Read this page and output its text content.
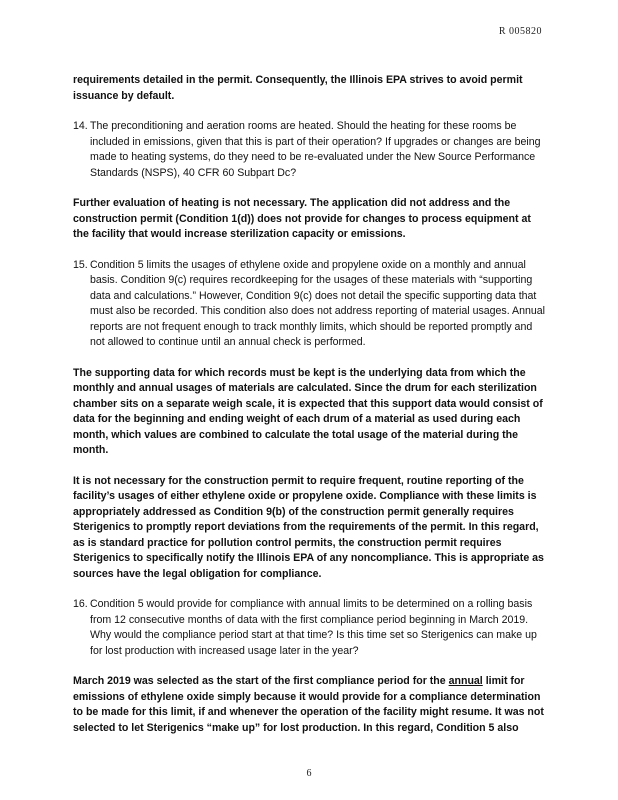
R 005820

requirements detailed in the permit. Consequently, the Illinois EPA strives to avoid permit issuance by default.

14. The preconditioning and aeration rooms are heated. Should the heating for these rooms be included in emissions, given that this is part of their operation? If upgrades or changes are being made to heating systems, do they need to be re-evaluated under the New Source Performance Standards (NSPS), 40 CFR 60 Subpart Dc?

Further evaluation of heating is not necessary. The application did not address and the construction permit (Condition 1(d)) does not provide for changes to process equipment at the facility that would increase sterilization capacity or emissions.

15. Condition 5 limits the usages of ethylene oxide and propylene oxide on a monthly and annual basis. Condition 9(c) requires recordkeeping for the usages of these materials with “supporting data and calculations.” However, Condition 9(c) does not detail the specific supporting data that must also be recorded. This condition also does not address reporting of material usages. Annual reports are not frequent enough to track monthly limits, which should be reported promptly and not allowed to continue until an annual check is performed.

The supporting data for which records must be kept is the underlying data from which the monthly and annual usages of materials are calculated. Since the drum for each sterilization chamber sits on a separate weigh scale, it is expected that this support data would consist of data for the beginning and ending weight of each drum of a material as used during each month, which values are combined to calculate the total usage of the material during the month.

It is not necessary for the construction permit to require frequent, routine reporting of the facility’s usages of either ethylene oxide or propylene oxide. Compliance with these limits is appropriately addressed as Condition 9(b) of the construction permit generally requires Sterigenics to promptly report deviations from the requirements of the permit. In this regard, as is standard practice for pollution control permits, the construction permit requires Sterigenics to specifically notify the Illinois EPA of any noncompliance. This is appropriate as sources have the legal obligation for compliance.

16. Condition 5 would provide for compliance with annual limits to be determined on a rolling basis from 12 consecutive months of data with the first compliance period beginning in March 2019. Why would the compliance period start at that time? Is this time set so Sterigenics can make up for lost production with increased usage later in the year?

March 2019 was selected as the start of the first compliance period for the annual limit for emissions of ethylene oxide simply because it would provide for a compliance determination to be made for this limit, if and whenever the operation of the facility might resume. It was not selected to let Sterigenics “make up” for lost production. In this regard, Condition 5 also

6
